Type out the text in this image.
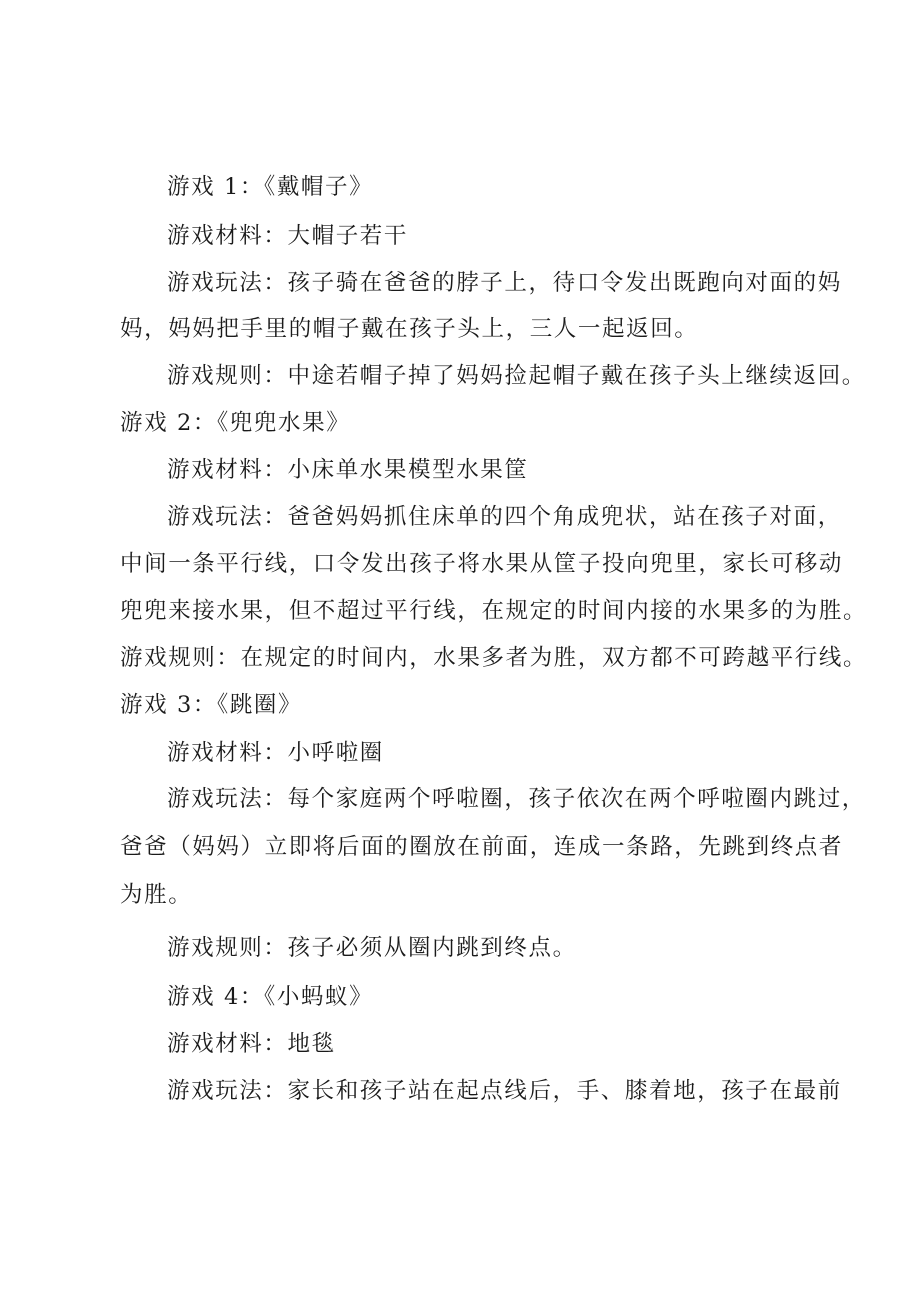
游戏 1：《戴帽子》
游戏材料：大帽子若干
游戏玩法：孩子骑在爸爸的脖子上，待口令发出既跑向对面的妈
妈，妈妈把手里的帽子戴在孩子头上，三人一起返回。
游戏规则：中途若帽子掉了妈妈捡起帽子戴在孩子头上继续返回。
游戏 2：《兜兜水果》
游戏材料：小床单水果模型水果筐
游戏玩法：爸爸妈妈抓住床单的四个角成兜状，站在孩子对面，
中间一条平行线，口令发出孩子将水果从筐子投向兜里，家长可移动
兜兜来接水果，但不超过平行线，在规定的时间内接的水果多的为胜。
游戏规则：在规定的时间内，水果多者为胜，双方都不可跨越平行线。
游戏 3：《跳圈》
游戏材料：小呼啦圈
游戏玩法：每个家庭两个呼啦圈，孩子依次在两个呼啦圈内跳过，
爸爸（妈妈）立即将后面的圈放在前面，连成一条路，先跳到终点者
为胜。
游戏规则：孩子必须从圈内跳到终点。
游戏 4：《小蚂蚁》
游戏材料：地毯
游戏玩法：家长和孩子站在起点线后，手、膝着地，孩子在最前
